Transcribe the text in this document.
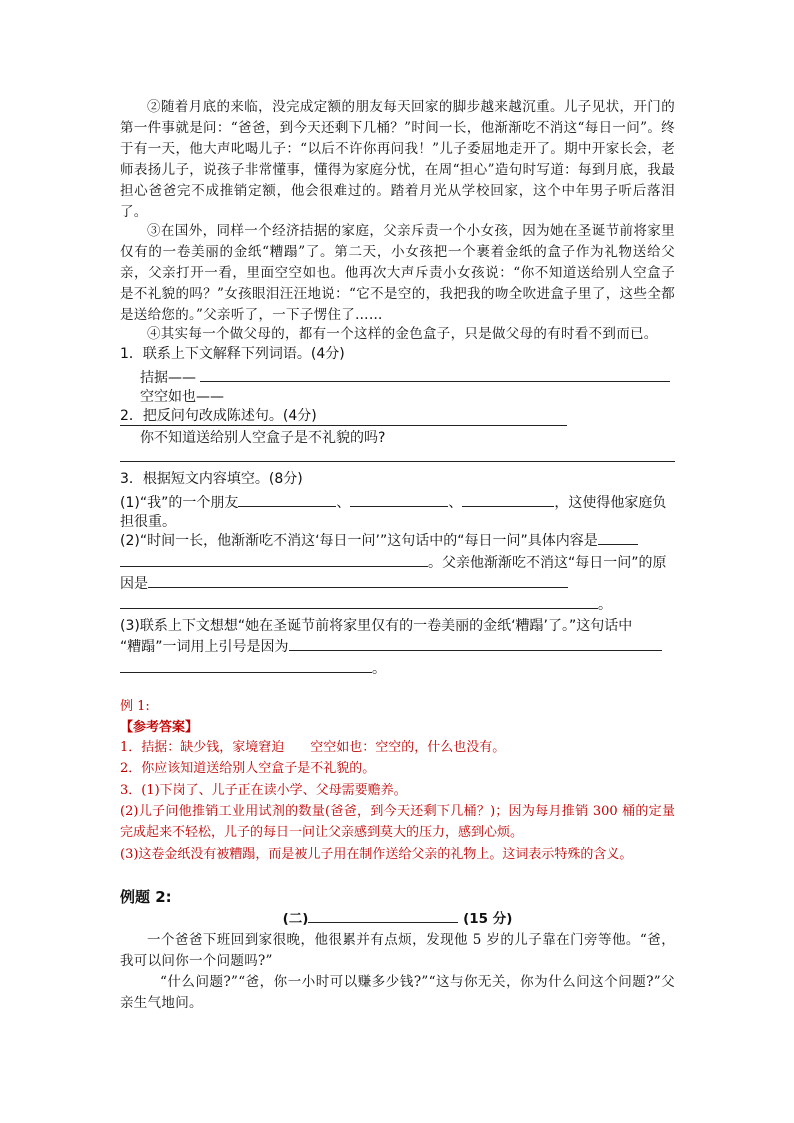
②随着月底的来临，没完成定额的朋友每天回家的脚步越来越沉重。儿子见状，开门的第一件事就是问：“爸爸，到今天还剩下几桶？”时间一长，他渐渐吃不消这“每日一问”。终于有一天，他大声叱喝儿子：“以后不许你再问我！”儿子委屈地走开了。期中开家长会，老师表扬儿子，说孩子非常懂事，懂得为家庭分忧，在周“担心”造句时写道：每到月底，我最担心爸爸完不成推销定额，他会很难过的。踏着月光从学校回家，这个中年男子听后落泪了。

③在国外，同样一个经济拮据的家庭，父亲斥责一个小女孩，因为她在圣诞节前将家里仅有的一卷美丽的金纸“糟蹋”了。第二天，小女孩把一个裹着金纸的盒子作为礼物送给父亲，父亲打开一看，里面空空如也。他再次大声斥责小女孩说：“你不知道送给别人空盒子是不礼貌的吗？”女孩眼泪汪汪地说：“它不是空的，我把我的吻全吹进盒子里了，这些全都是送给您的。”父亲听了，一下子愣住了……

④其实每一个做父母的，都有一个这样的金色盒子，只是做父母的有时看不到而已。

1．联系上下文解释下列词语。(4分)

拮据——
空空如也——

2．把反问句改成陈述句。(4分)

你不知道送给别人空盒子是不礼貌的吗?

3．根据短文内容填空。(8分)

(1)“我”的一个朋友	、	、	，这使得他家庭负

担很重。

(2)“时间一长，他渐渐吃不消这‘每日一问’”这句话中的“每日一问”具体内容是
。父亲他渐渐吃不消这“每日一问”的原
因是
。

(3)联系上下文想想“她在圣诞节前将家里仅有的一卷美丽的金纸‘糟蹋’了。”这句话中

“糟蹋”一词用上引号是因为
。

例 1:

【参考答案】

1．拮据：缺少钱，家境窘迫　　空空如也：空空的，什么也没有。

2．你应该知道送给别人空盒子是不礼貌的。

3．(1)下岗了、儿子正在读小学、父母需要赡养。

(2)儿子问他推销工业用试剂的数量(爸爸，到今天还剩下几桶？)；因为每月推销 300 桶的定量完成起来不轻松，儿子的每日一问让父亲感到莫大的压力，感到心烦。

(3)这卷金纸没有被糟蹋，而是被儿子用在制作送给父亲的礼物上。这词表示特殊的含义。

例题 2:

(二)	(15 分)

一个爸爸下班回到家很晚，他很累并有点烦，发现他 5 岁的儿子靠在门旁等他。“爸，我可以问你一个问题吗?”

“什么问题?”“爸，你一小时可以赚多少钱?”“这与你无关，你为什么问这个问题?”父亲生气地问。
